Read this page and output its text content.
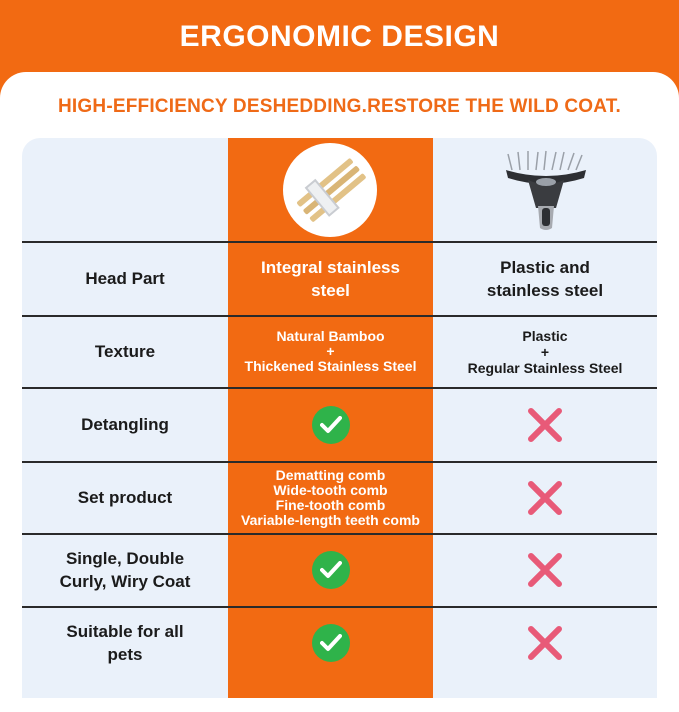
ERGONOMIC DESIGN
HIGH-EFFICIENCY DESHEDDING.RESTORE THE WILD COAT.
Head Part
Integral stainless
steel
Plastic and
stainless steel
Texture
Natural Bamboo
+
Thickened Stainless Steel
Plastic
+
Regular Stainless Steel
Detangling
Set product
Dematting comb
Wide-tooth comb
Fine-tooth comb
Variable-length teeth comb
Single, Double
Curly, Wiry Coat
Suitable for all
pets
